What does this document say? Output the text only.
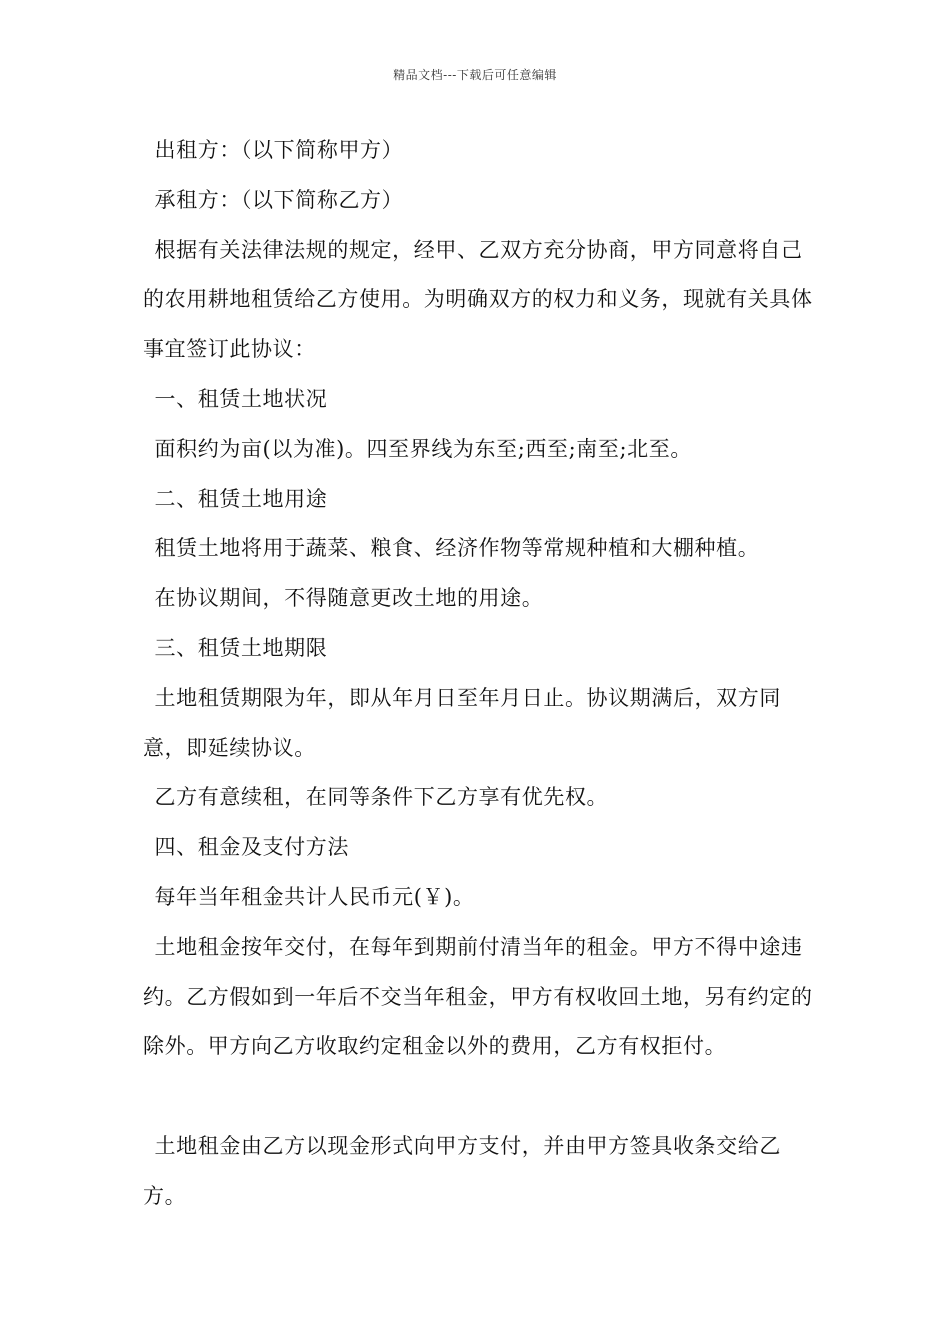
精品文档---下载后可任意编辑

出租方：（以下简称甲方）

承租方：（以下简称乙方）

根据有关法律法规的规定，经甲、乙双方充分协商，甲方同意将自己的农用耕地租赁给乙方使用。为明确双方的权力和义务，现就有关具体事宜签订此协议：

一、租赁土地状况

面积约为亩(以为准)。四至界线为东至;西至;南至;北至。

二、租赁土地用途

租赁土地将用于蔬菜、粮食、经济作物等常规种植和大棚种植。

在协议期间，不得随意更改土地的用途。

三、租赁土地期限

土地租赁期限为年，即从年月日至年月日止。协议期满后，双方同意，即延续协议。

乙方有意续租，在同等条件下乙方享有优先权。

四、租金及支付方法

每年当年租金共计人民币元(￥)。

土地租金按年交付，在每年到期前付清当年的租金。甲方不得中途违约。乙方假如到一年后不交当年租金，甲方有权收回土地，另有约定的除外。甲方向乙方收取约定租金以外的费用，乙方有权拒付。

土地租金由乙方以现金形式向甲方支付，并由甲方签具收条交给乙方。
